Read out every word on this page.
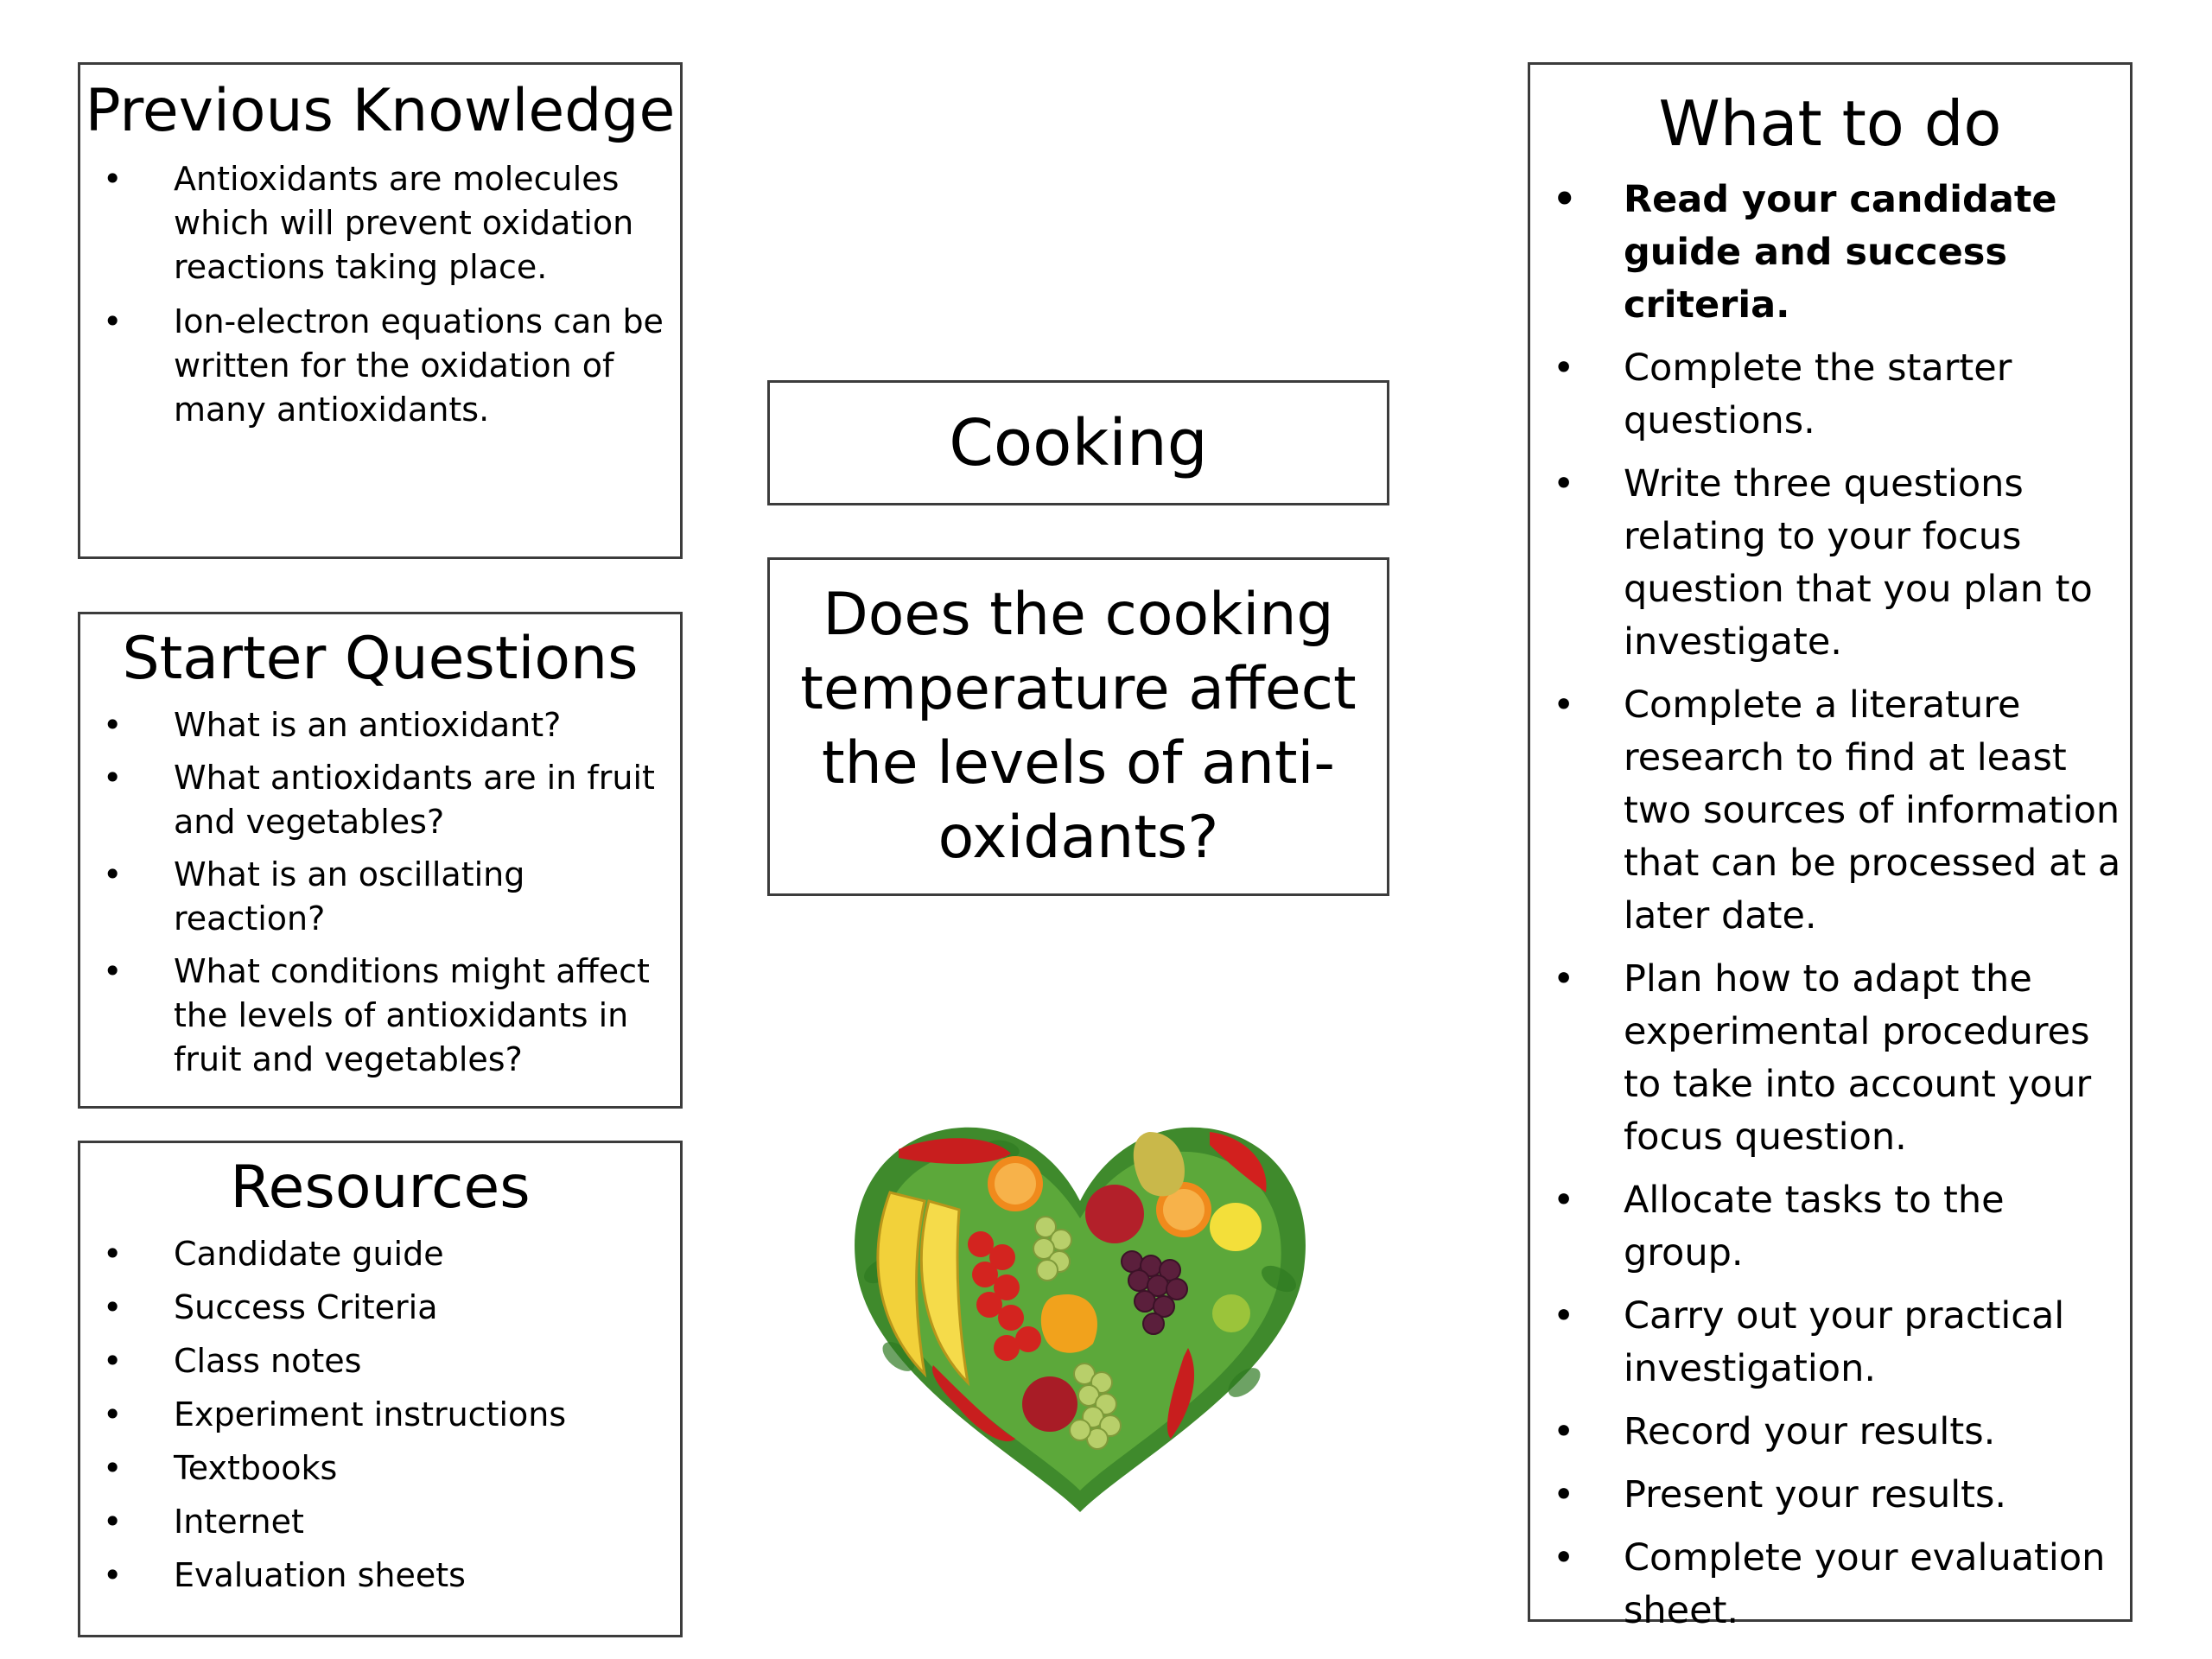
Previous Knowledge
• Antioxidants are molecules which will prevent oxidation reactions taking place.
• Ion-electron equations can be written for the oxidation of many antioxidants.
Starter Questions
• What is an antioxidant?
• What antioxidants are in fruit and vegetables?
• What is an oscillating reaction?
• What conditions might affect the levels of antioxidants in fruit and vegetables?
Resources
• Candidate guide
• Success Criteria
• Class notes
• Experiment instructions
• Textbooks
• Internet
• Evaluation sheets
Cooking
Does the cooking temperature affect the levels of anti-oxidants?
What to do
• Read your candidate guide and success criteria.
• Complete the starter questions.
• Write three questions relating to your focus question that you plan to investigate.
• Complete a literature research to find at least two sources of information that can be processed at a later date.
• Plan how to adapt the experimental procedures to take into account your focus question.
• Allocate tasks to the group.
• Carry out your practical investigation.
• Record your results.
• Present your results.
• Complete your evaluation sheet.
